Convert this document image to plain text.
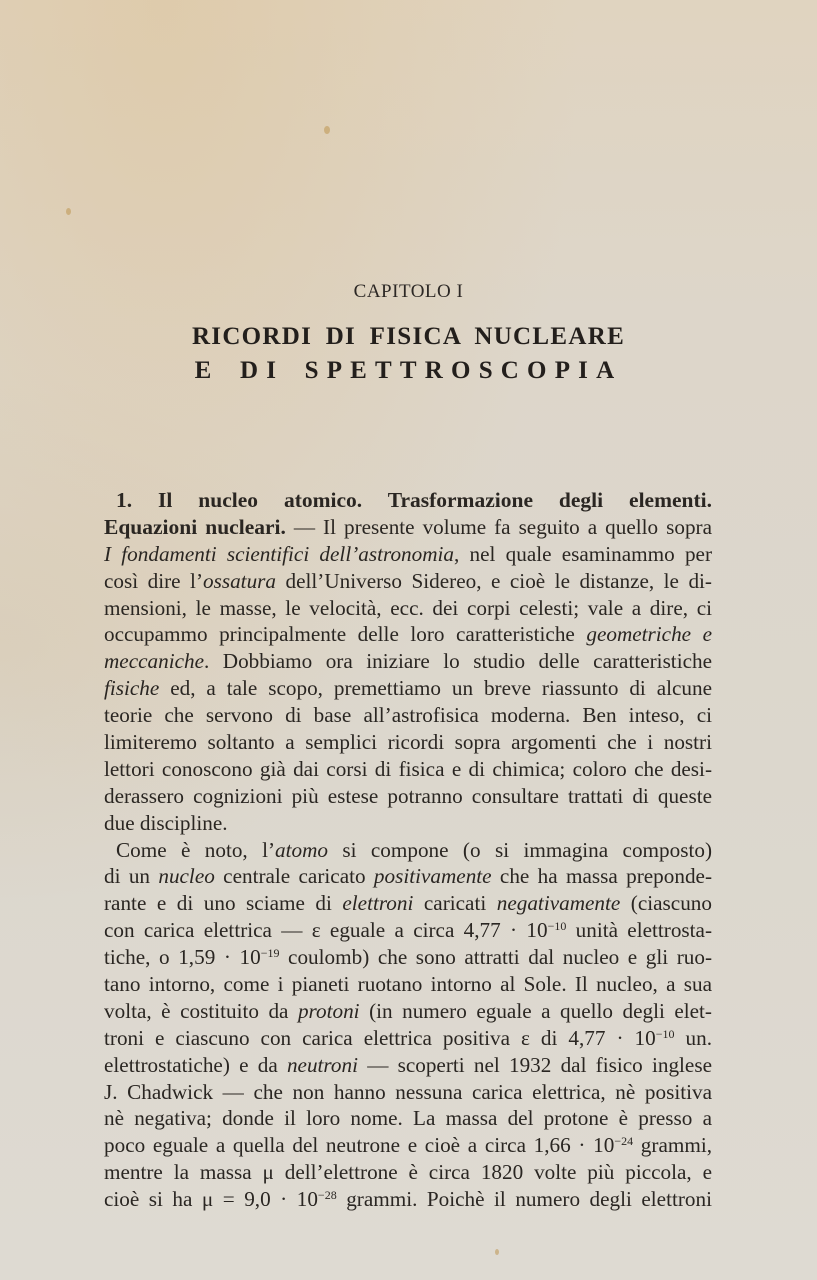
CAPITOLO I
RICORDI DI FISICA NUCLEARE
E DI SPETTROSCOPIA
1. Il nucleo atomico. Trasformazione degli elementi.
Equazioni nucleari. — Il presente volume fa seguito a quello sopra
I fondamenti scientifici dell’astronomia, nel quale esaminammo per
così dire l’ossatura dell’Universo Sidereo, e cioè le distanze, le di-
mensioni, le masse, le velocità, ecc. dei corpi celesti; vale a dire, ci
occupammo principalmente delle loro caratteristiche geometriche e
meccaniche. Dobbiamo ora iniziare lo studio delle caratteristiche
fisiche ed, a tale scopo, premettiamo un breve riassunto di alcune
teorie che servono di base all’astrofisica moderna. Ben inteso, ci
limiteremo soltanto a semplici ricordi sopra argomenti che i nostri
lettori conoscono già dai corsi di fisica e di chimica; coloro che desi-
derassero cognizioni più estese potranno consultare trattati di queste
due discipline.
Come è noto, l’atomo si compone (o si immagina composto)
di un nucleo centrale caricato positivamente che ha massa preponde-
rante e di uno sciame di elettroni caricati negativamente (ciascuno
con carica elettrica — ε eguale a circa $4,77 \cdot 10^{-10}$ unità elettrosta-
tiche, o $1,59 \cdot 10^{-19}$ coulomb) che sono attratti dal nucleo e gli ruo-
tano intorno, come i pianeti ruotano intorno al Sole. Il nucleo, a sua
volta, è costituito da protoni (in numero eguale a quello degli elet-
troni e ciascuno con carica elettrica positiva ε di $4,77 \cdot 10^{-10}$ un.
elettrostatiche) e da neutroni — scoperti nel 1932 dal fisico inglese
J. Chadwick — che non hanno nessuna carica elettrica, nè positiva
nè negativa; donde il loro nome. La massa del protone è presso a
poco eguale a quella del neutrone e cioè a circa $1,66 \cdot 10^{-24}$ grammi,
mentre la massa μ dell’elettrone è circa 1820 volte più piccola, e
cioè si ha $\mu = 9,0 \cdot 10^{-28}$ grammi. Poichè il numero degli elettroni
